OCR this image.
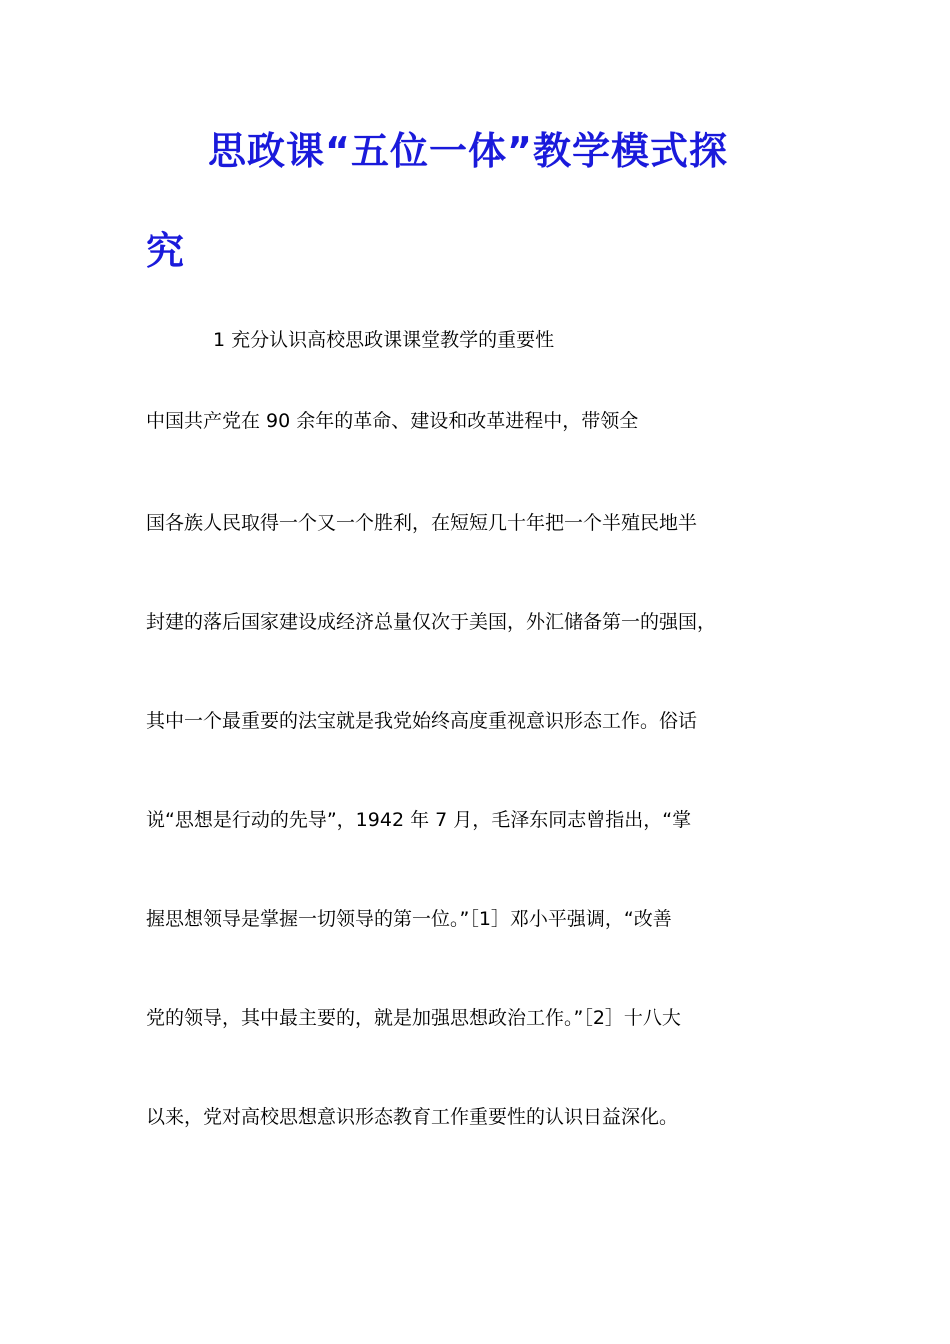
思政课“五位一体”教学模式探
究
1 充分认识高校思政课课堂教学的重要性
中国共产党在 90 余年的革命、建设和改革进程中，带领全
国各族人民取得一个又一个胜利，在短短几十年把一个半殖民地半
封建的落后国家建设成经济总量仅次于美国，外汇储备第一的强国，
其中一个最重要的法宝就是我党始终高度重视意识形态工作。俗话
说“思想是行动的先导”，1942 年 7 月，毛泽东同志曾指出，“掌
握思想领导是掌握一切领导的第一位。”［1］邓小平强调，“改善
党的领导，其中最主要的，就是加强思想政治工作。”［2］十八大
以来，党对高校思想意识形态教育工作重要性的认识日益深化。
